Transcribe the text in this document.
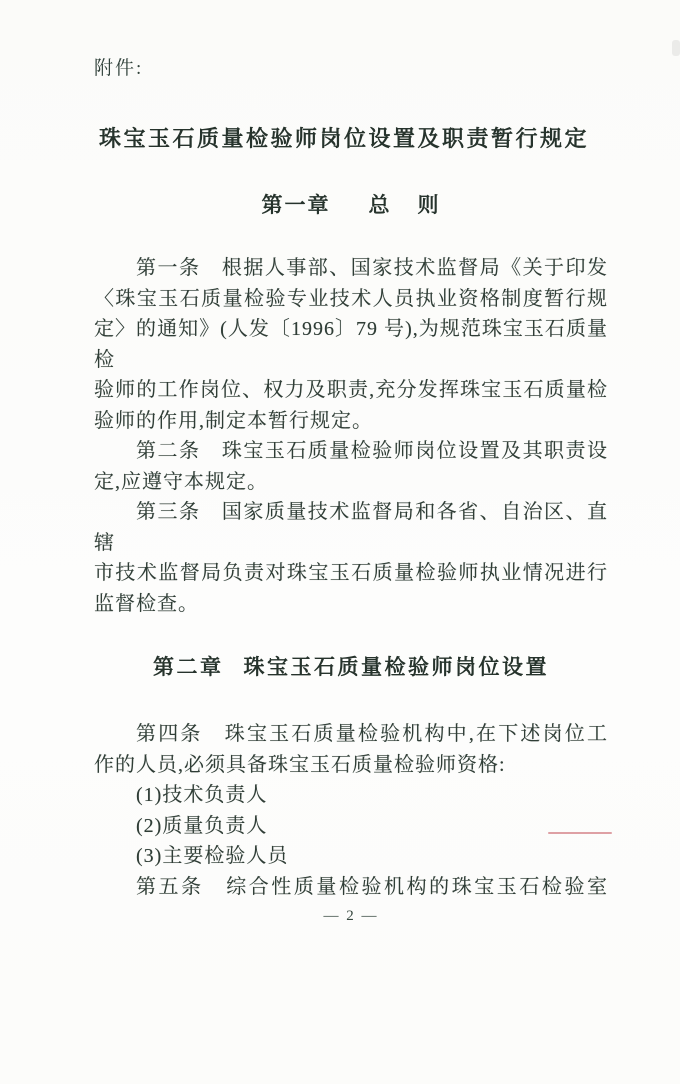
附件:
珠宝玉石质量检验师岗位设置及职责暂行规定
第一章 总 则
第一条　根据人事部、国家技术监督局《关于印发
〈珠宝玉石质量检验专业技术人员执业资格制度暂行规
定〉的通知》(人发〔1996〕79 号),为规范珠宝玉石质量检
验师的工作岗位、权力及职责,充分发挥珠宝玉石质量检
验师的作用,制定本暂行规定。
第二条　珠宝玉石质量检验师岗位设置及其职责设
定,应遵守本规定。
第三条　国家质量技术监督局和各省、自治区、直辖
市技术监督局负责对珠宝玉石质量检验师执业情况进行
监督检查。
第二章 珠宝玉石质量检验师岗位设置
第四条　珠宝玉石质量检验机构中,在下述岗位工
作的人员,必须具备珠宝玉石质量检验师资格:
(1)技术负责人
(2)质量负责人
(3)主要检验人员
第五条　综合性质量检验机构的珠宝玉石检验室
— 2 —
